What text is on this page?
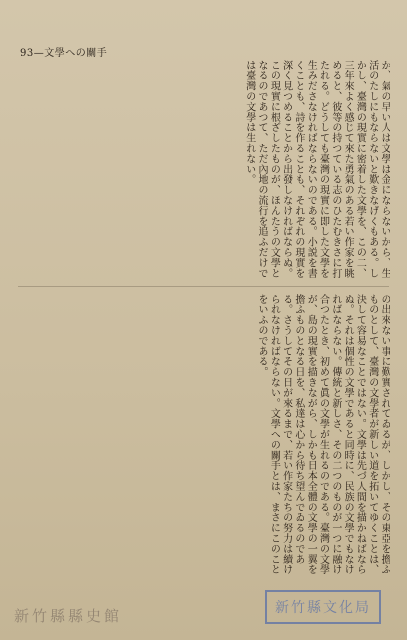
93—文學への關手
か、氣の早い人は文學は金にならないから、生活のたしにもならないと歎きなげくもある。しかし、臺灣の現實に密着した文學を、この二、三年來よく感じて來た勇氣のある若い作家を眺めると、彼等の持つている志のひたむきさに打たれる。どうしても臺灣の現實に即した文學を生みださなければならないのである。小説を書くことも、詩を作ることも、それぞれの現實を深く見つめることから出發しなければならぬ。この現實に根ざしたものが、ほんたうの文學となるのであつて、ただ內地の流行を追ふだけでは臺灣の文學は生れない。
の出來ない事に歎實されてゐるが、しかし、その東亞を擔ふものとして、臺灣の文學者が新しい道を拓いてゆくことは、決して容易なことではない。文學は先づ人間を描かねばならぬ。それは個性の文學であると同時に、民族の文學でもなければならない。傳統と新しさ、その二つのものが一つに融け合つたとき、初めて眞の文學が生れるのである。臺灣の文學が、島の現實を描きながら、しかも日本全體の文學の一翼を擔ふものとなる日を、私達は心から待ち望んでゐるのである。さうしてその日が來るまで、若い作家たちの努力は續けられなければならない。文學への關手とは、まさにこのことをいふのである。
新竹縣文化局
新竹縣縣史館
